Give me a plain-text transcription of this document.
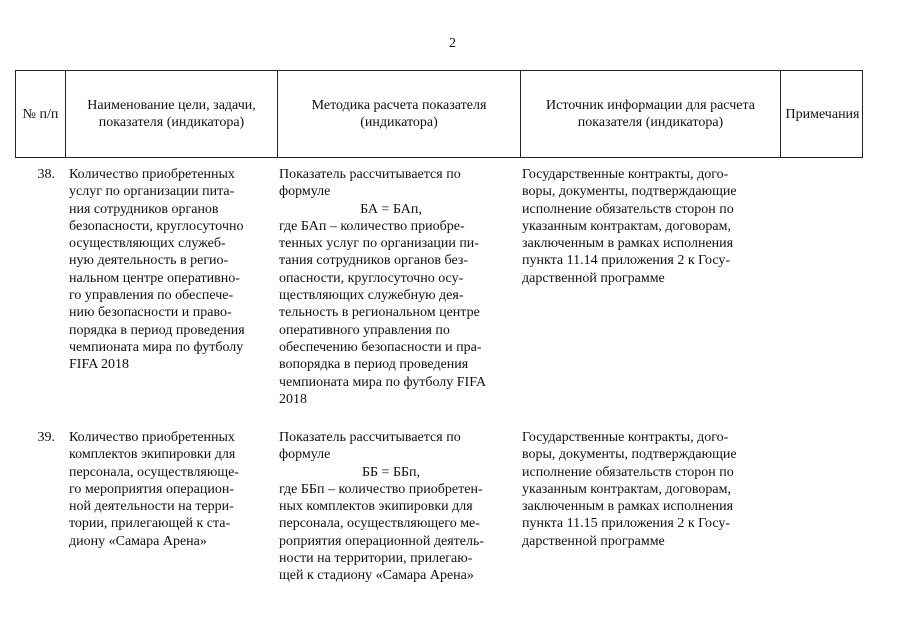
2
№ п/п
Наименование цели, задачи, показателя (индикатора)
Методика расчета показателя (индикатора)
Источник информации для расчета показателя (индикатора)
Примечания
38. Количество приобретенных
услуг по организации пита-
ния сотрудников органов
безопасности, круглосуточно
осуществляющих служеб-
ную деятельность в регио-
нальном центре оперативно-
го управления по обеспече-
нию безопасности и право-
порядка в период проведения
чемпионата мира по футболу
FIFA 2018
Показатель рассчитывается по
формуле
БА = БАп,
где БАп – количество приобре-
тенных услуг по организации пи-
тания сотрудников органов без-
опасности, круглосуточно осу-
ществляющих служебную дея-
тельность в региональном центре
оперативного управления по
обеспечению безопасности и пра-
вопорядка в период проведения
чемпионата мира по футболу FIFA
2018
Государственные контракты, дого-
воры, документы, подтверждающие
исполнение обязательств сторон по
указанным контрактам, договорам,
заключенным в рамках исполнения
пункта 11.14 приложения 2 к Госу-
дарственной программе
39. Количество приобретенных
комплектов экипировки для
персонала, осуществляюще-
го мероприятия операцион-
ной деятельности на терри-
тории, прилегающей к ста-
диону «Самара Арена»
Показатель рассчитывается по
формуле
ББ = ББп,
где ББп – количество приобретен-
ных комплектов экипировки для
персонала, осуществляющего ме-
роприятия операционной деятель-
ности на территории, прилегаю-
щей к стадиону «Самара Арена»
Государственные контракты, дого-
воры, документы, подтверждающие
исполнение обязательств сторон по
указанным контрактам, договорам,
заключенным в рамках исполнения
пункта 11.15 приложения 2 к Госу-
дарственной программе
